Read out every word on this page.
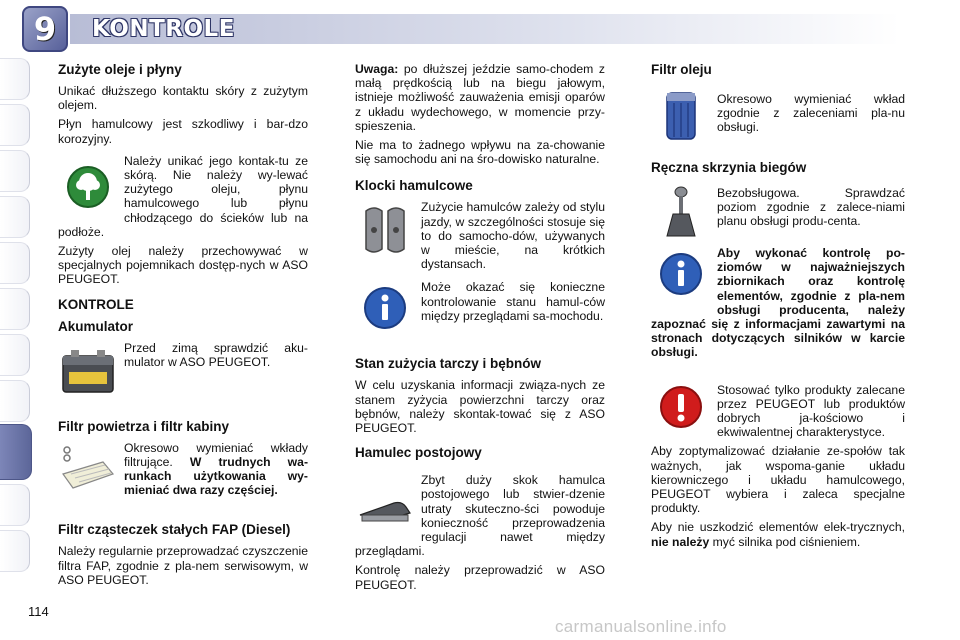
9	KONTROLE
Zużyte oleje i płyny

Unikać dłuższego kontaktu skóry z zużytym olejem.

Płyn hamulcowy jest szkodliwy i bar-dzo korozyjny.

Należy unikać jego kontak-tu ze skórą. Nie należy wy-lewać zużytego oleju, płynu hamulcowego lub płynu chłodzącego do ścieków lub na podłoże.

Zużyty olej należy przechowywać w specjalnych pojemnikach dostęp-nych w ASO PEUGEOT.

KONTROLE
Akumulator

Przed zimą sprawdzić aku-mulator w ASO PEUGEOT.

Filtr powietrza i filtr kabiny

Okresowo wymieniać wkłady filtrujące. W trudnych wa-runkach użytkowania wy-mieniać dwa razy częściej.

Filtr cząsteczek stałych FAP (Diesel)

Należy regularnie przeprowadzać czyszczenie filtra FAP, zgodnie z pla-nem serwisowym, w ASO PEUGEOT.

Uwaga: po dłuższej jeździe samo-chodem z małą prędkością lub na biegu jałowym, istnieje możliwość zauważenia emisji oparów z układu wydechowego, w momencie przy-spieszenia.

Nie ma to żadnego wpływu na za-chowanie się samochodu ani na śro-dowisko naturalne.

Klocki hamulcowe

Zużycie hamulców zależy od stylu jazdy, w szczególności stosuje się to do samocho-dów, używanych w mieście, na krótkich dystansach.

Może okazać się konieczne kontrolowanie stanu hamul-ców między przeglądami sa-mochodu.

Stan zużycia tarczy i bębnów

W celu uzyskania informacji związa-nych ze stanem zyżycia powierzchni tarczy oraz bębnów, należy skontak-tować się z ASO PEUGEOT.

Hamulec postojowy

Zbyt duży skok hamulca postojowego lub stwier-dzenie utraty skuteczno-ści powoduje konieczność przeprowadzenia regulacji nawet między przeglądami.

Kontrolę należy przeprowadzić w ASO PEUGEOT.

Filtr oleju

Okresowo wymieniać wkład zgodnie z zaleceniami pla-nu obsługi.

Ręczna skrzynia biegów

Bezobsługowa. Sprawdzać poziom zgodnie z zalece-niami planu obsługi produ-centa.

Aby wykonać kontrolę po-ziomów w najważniejszych zbiornikach oraz kontrolę elementów, zgodnie z pla-nem obsługi producenta, należy zapoznać się z informacjami zawartymi na stronach dotyczących silników w karcie obsługi.

Stosować tylko produkty zalecane przez PEUGEOT lub produktów dobrych ja-kościowo i ekwiwalentnej charakterystyce.

Aby zoptymalizować działanie ze-społów tak ważnych, jak wspoma-ganie układu kierowniczego i układu hamulcowego, PEUGEOT wybiera i zaleca specjalne produkty.

Aby nie uszkodzić elementów elek-trycznych, nie należy myć silnika pod ciśnieniem.

114
carmanualsonline.info
